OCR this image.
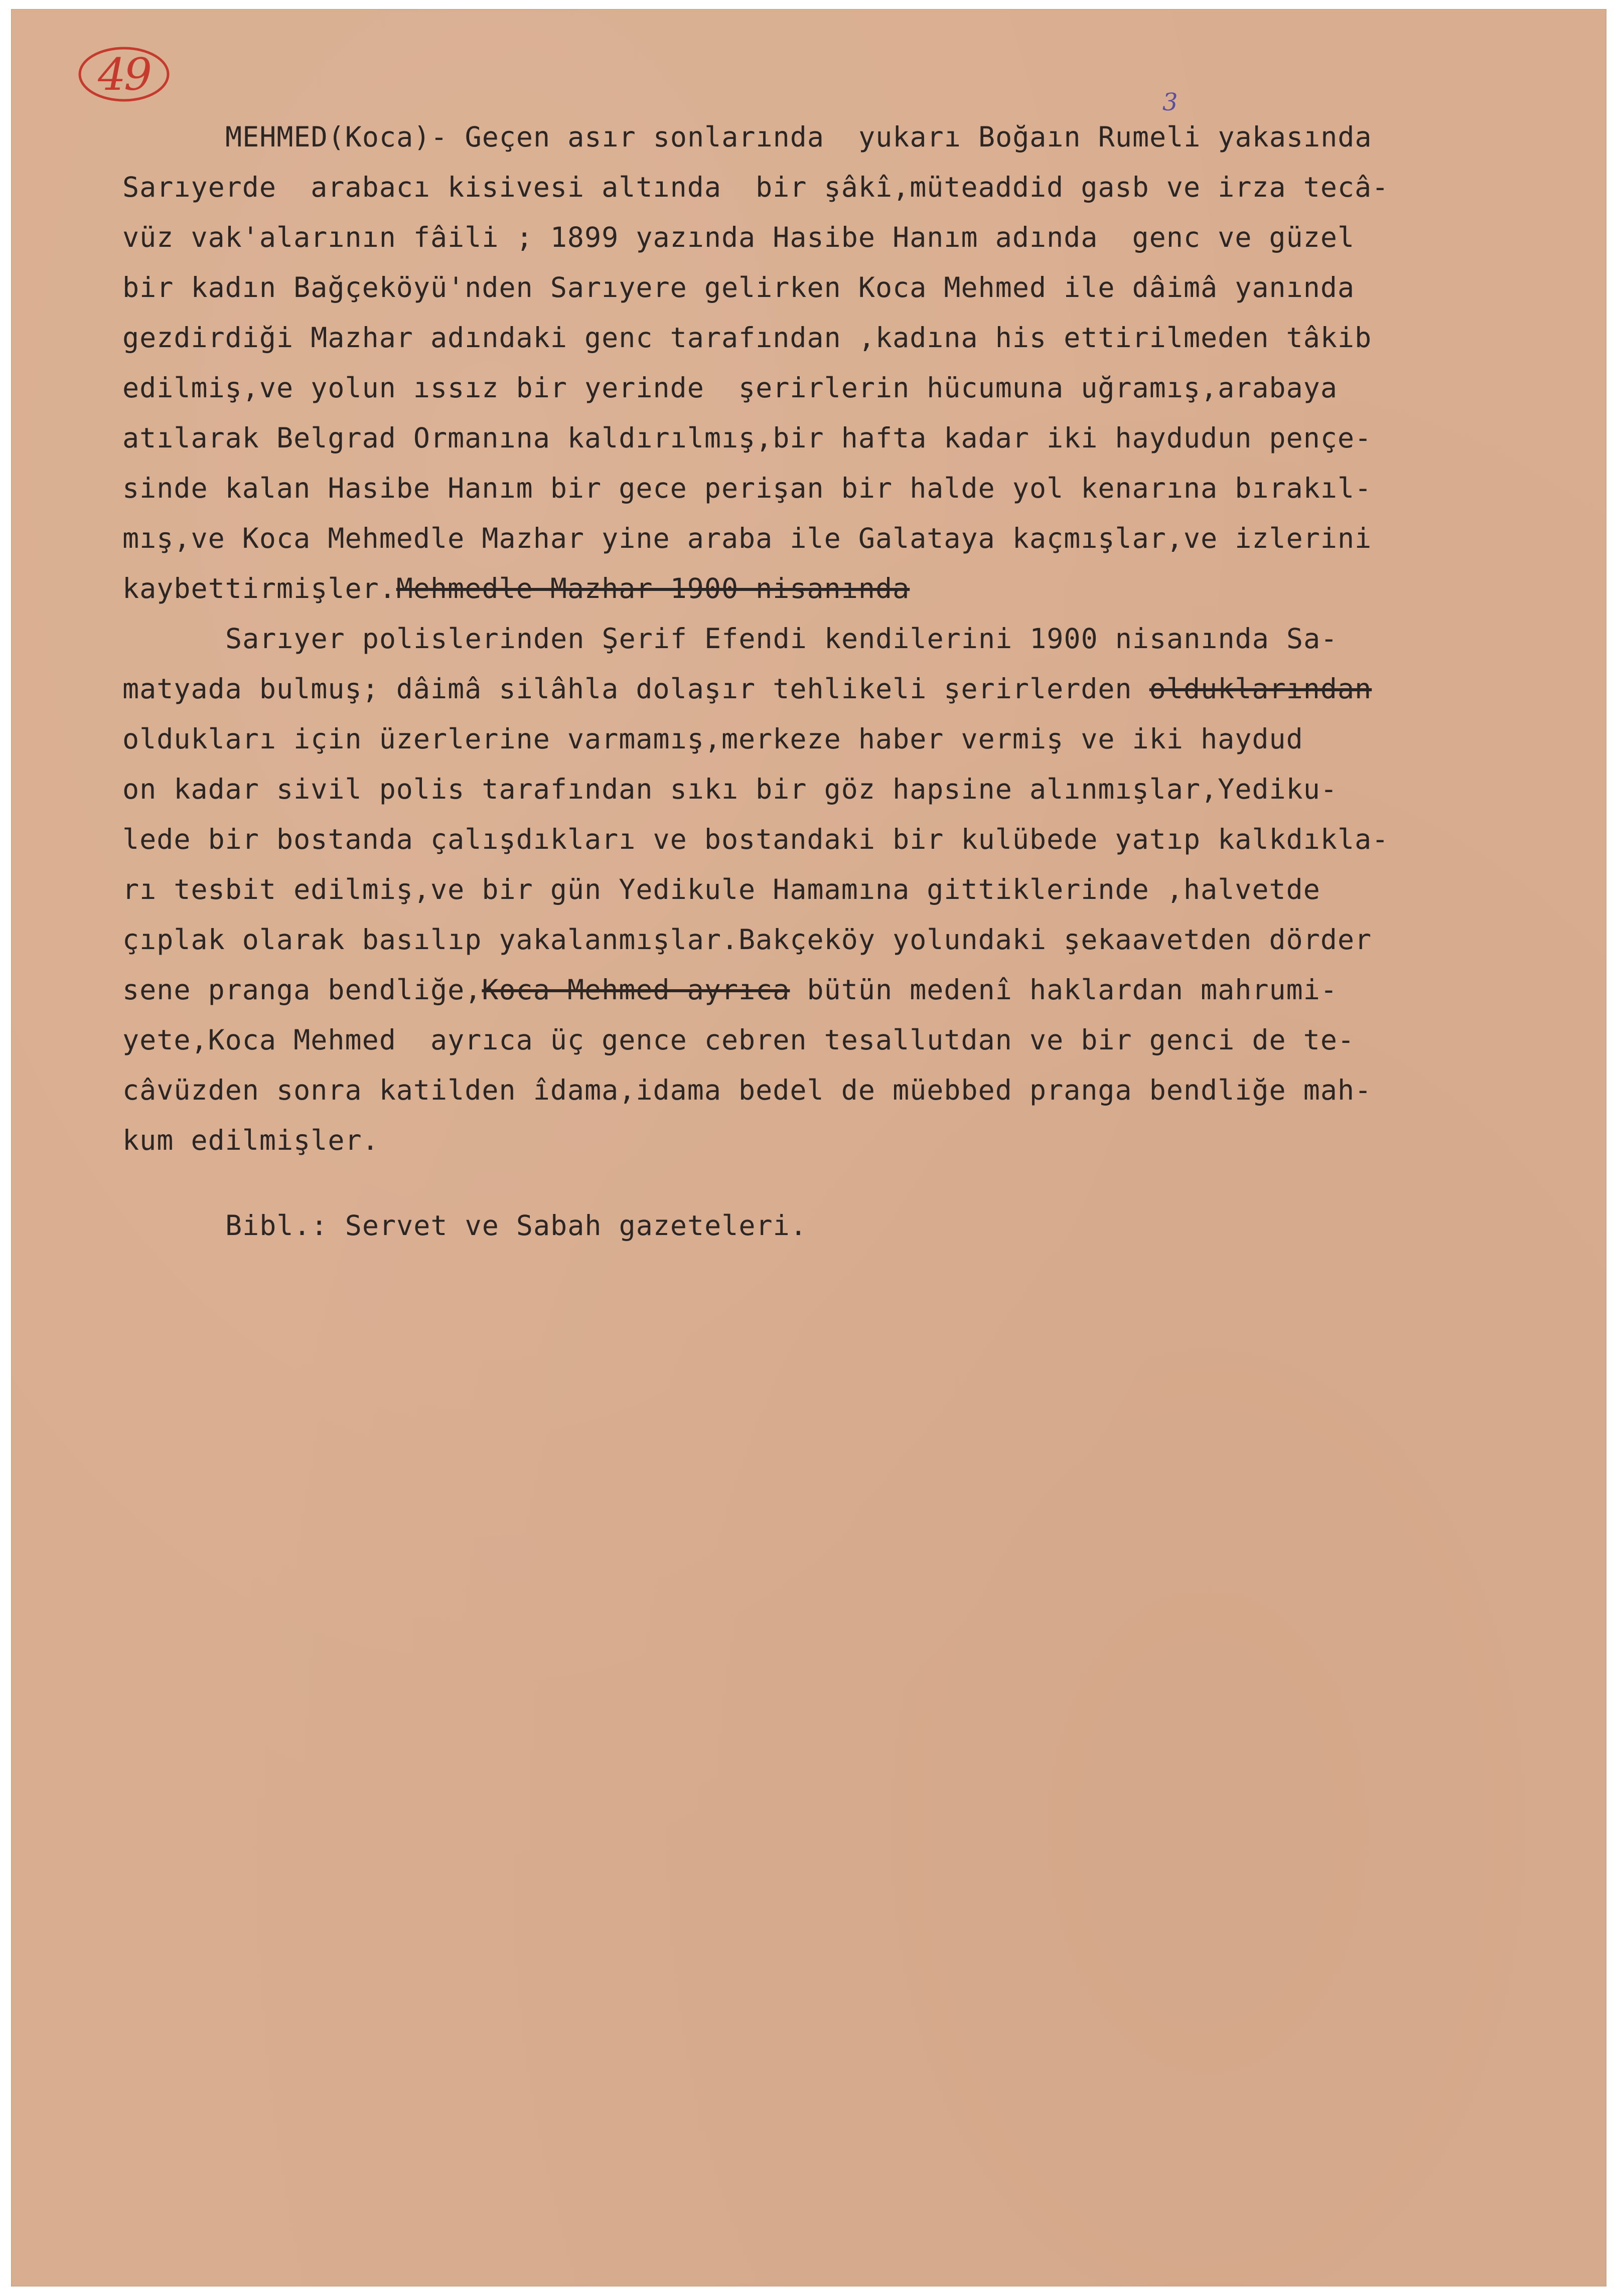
49
3
MEHMED(Koca)- Geçen asır sonlarında  yukarı Boğaın Rumeli yakasında
Sarıyerde  arabacı kisivesi altında  bir şâkî,müteaddid gasb ve irza tecâ-
vüz vak'alarının fâili ; 1899 yazında Hasibe Hanım adında  genc ve güzel
bir kadın Bağçeköyü'nden Sarıyere gelirken Koca Mehmed ile dâimâ yanında
gezdirdiği Mazhar adındaki genc tarafından ,kadına his ettirilmeden tâkib
edilmiş,ve yolun ıssız bir yerinde  şerirlerin hücumuna uğramış,arabaya
atılarak Belgrad Ormanına kaldırılmış,bir hafta kadar iki haydudun pençe-
sinde kalan Hasibe Hanım bir gece perişan bir halde yol kenarına bırakıl-
mış,ve Koca Mehmedle Mazhar yine araba ile Galataya kaçmışlar,ve izlerini
kaybettirmişler.Mehmedle Mazhar 1900 nisanında
Sarıyer polislerinden Şerif Efendi kendilerini 1900 nisanında Sa-
matyada bulmuş; dâimâ silâhla dolaşır tehlikeli şerirlerden olduklarından
oldukları için üzerlerine varmamış,merkeze haber vermiş ve iki haydud
on kadar sivil polis tarafından sıkı bir göz hapsine alınmışlar,Yediku-
lede bir bostanda çalışdıkları ve bostandaki bir kulübede yatıp kalkdıkla-
rı tesbit edilmiş,ve bir gün Yedikule Hamamına gittiklerinde ,halvetde
çıplak olarak basılıp yakalanmışlar.Bakçeköy yolundaki şekaavetden dörder
sene pranga bendliğe,Koca Mehmed ayrıca bütün medenî haklardan mahrumi-
yete,Koca Mehmed  ayrıca üç gence cebren tesallutdan ve bir genci de te-
câvüzden sonra katilden îdama,idama bedel de müebbed pranga bendliğe mah-
kum edilmişler.
Bibl.: Servet ve Sabah gazeteleri.
